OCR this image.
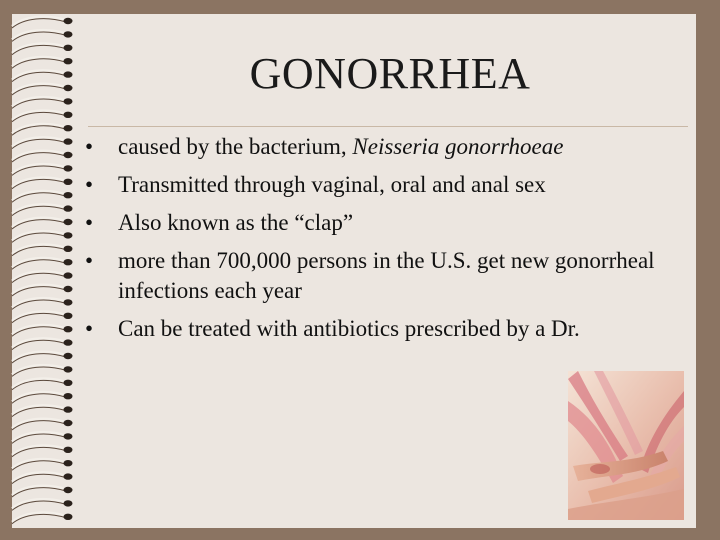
GONORRHEA
• caused by the bacterium, Neisseria gonorrhoeae
• Transmitted through vaginal, oral and anal sex
• Also known as the “clap”
• more than 700,000 persons in the U.S. get new gonorrheal infections each year
• Can be treated with antibiotics prescribed by a Dr.
